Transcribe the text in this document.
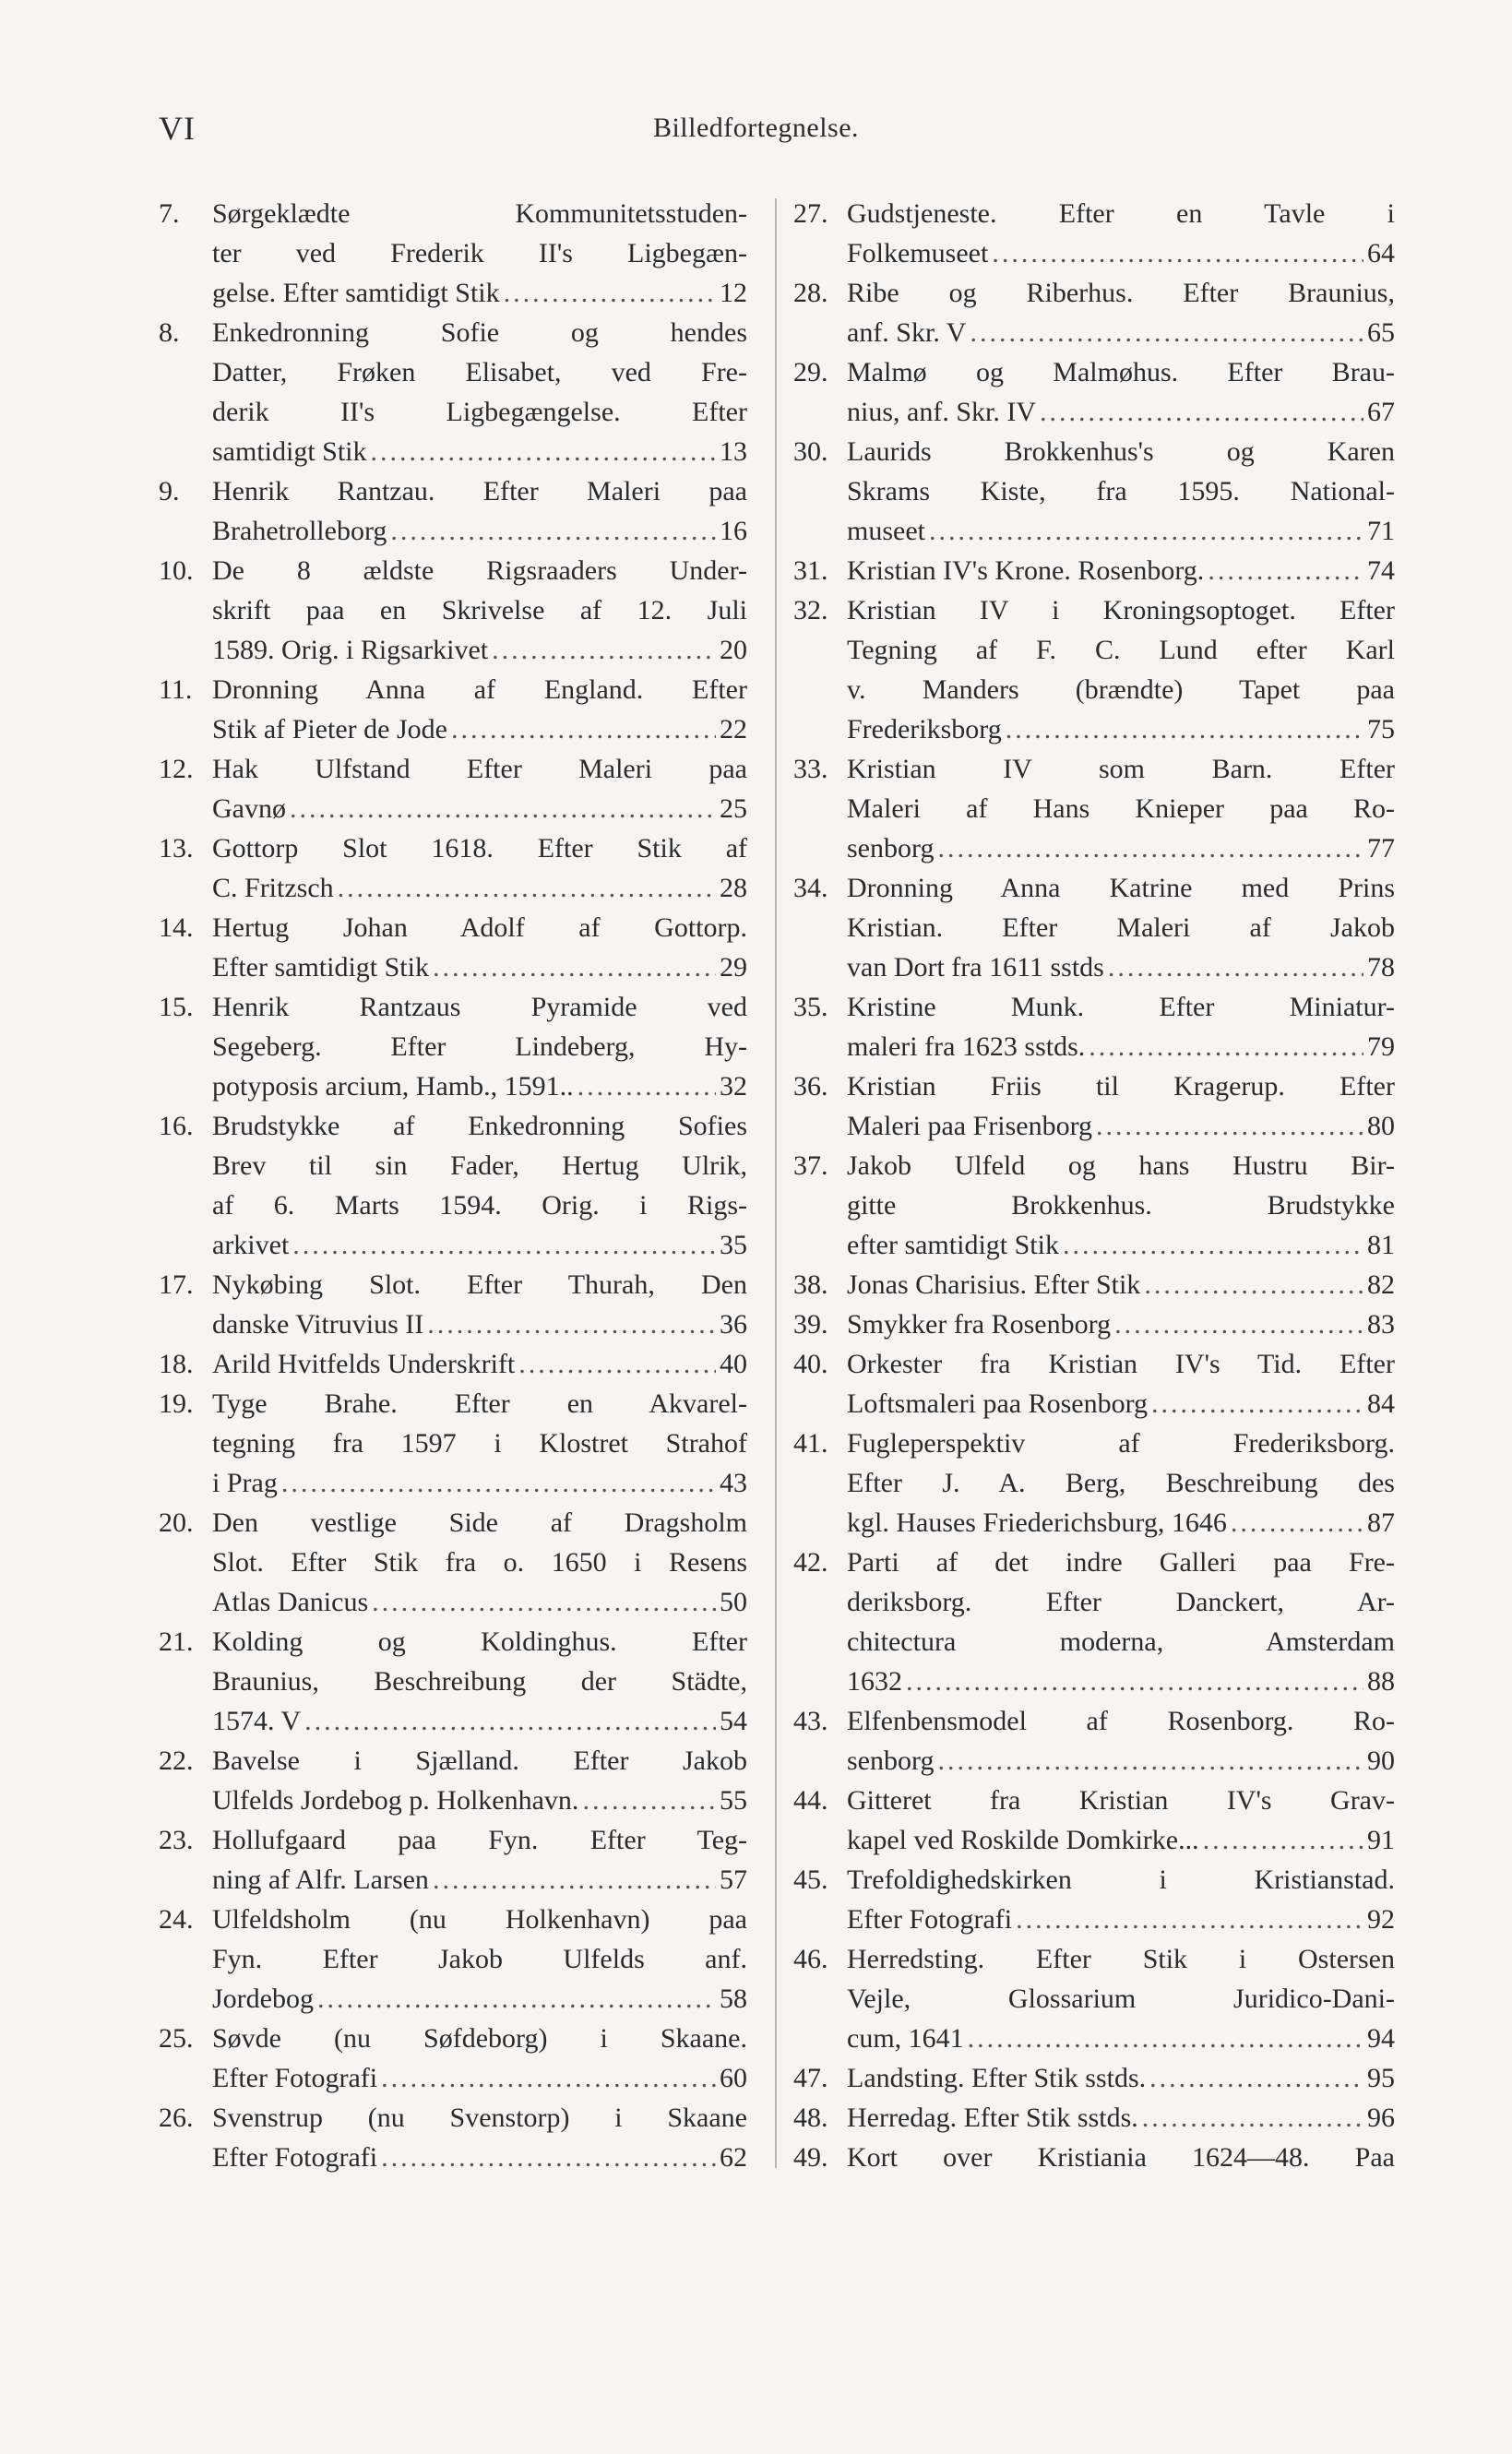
VI	Billedfortegnelse.
7. Sørgeklædte Kommunitetsstuden-
ter ved Frederik II's Ligbegæn-
gelse. Efter samtidigt Stik .....	12
8. Enkedronning Sofie og hendes
Datter, Frøken Elisabet, ved Fre-
derik II's Ligbegængelse. Efter
samtidigt Stik .....	13
9. Henrik Rantzau. Efter Maleri paa
Brahetrolleborg .....	16
10. De 8 ældste Rigsraaders Under-
skrift paa en Skrivelse af 12. Juli
1589. Orig. i Rigsarkivet .....	20
11. Dronning Anna af England. Efter
Stik af Pieter de Jode .....	22
12. Hak Ulfstand Efter Maleri paa
Gavnø .....	25
13. Gottorp Slot 1618. Efter Stik af
C. Fritzsch .....	28
14. Hertug Johan Adolf af Gottorp.
Efter samtidigt Stik .....	29
15. Henrik Rantzaus Pyramide ved
Segeberg. Efter Lindeberg, Hy-
potyposis arcium, Hamb., 1591.. .....	32
16. Brudstykke af Enkedronning Sofies
Brev til sin Fader, Hertug Ulrik,
af 6. Marts 1594. Orig. i Rigs-
arkivet .....	35
17. Nykøbing Slot. Efter Thurah, Den
danske Vitruvius II .....	36
18. Arild Hvitfelds Underskrift .....	40
19. Tyge Brahe. Efter en Akvarel-
tegning fra 1597 i Klostret Strahof
i Prag .....	43
20. Den vestlige Side af Dragsholm
Slot. Efter Stik fra o. 1650 i Resens
Atlas Danicus .....	50
21. Kolding og Koldinghus. Efter
Braunius, Beschreibung der Städte,
1574. V .....	54
22. Bavelse i Sjælland. Efter Jakob
Ulfelds Jordebog p. Holkenhavn. .....	55
23. Hollufgaard paa Fyn. Efter Teg-
ning af Alfr. Larsen .....	57
24. Ulfeldsholm (nu Holkenhavn) paa
Fyn. Efter Jakob Ulfelds anf.
Jordebog .....	58
25. Søvde (nu Søfdeborg) i Skaane.
Efter Fotografi .....	60
26. Svenstrup (nu Svenstorp) i Skaane
Efter Fotografi .....	62
27. Gudstjeneste. Efter en Tavle i
Folkemuseet .....	64
28. Ribe og Riberhus. Efter Braunius,
anf. Skr. V .....	65
29. Malmø og Malmøhus. Efter Brau-
nius, anf. Skr. IV .....	67
30. Laurids Brokkenhus's og Karen
Skrams Kiste, fra 1595. National-
museet .....	71
31. Kristian IV's Krone. Rosenborg. .....	74
32. Kristian IV i Kroningsoptoget. Efter
Tegning af F. C. Lund efter Karl
v. Manders (brændte) Tapet paa
Frederiksborg .....	75
33. Kristian IV som Barn. Efter
Maleri af Hans Knieper paa Ro-
senborg .....	77
34. Dronning Anna Katrine med Prins
Kristian. Efter Maleri af Jakob
van Dort fra 1611 sstds .....	78
35. Kristine Munk. Efter Miniatur-
maleri fra 1623 sstds. .....	79
36. Kristian Friis til Kragerup. Efter
Maleri paa Frisenborg .....	80
37. Jakob Ulfeld og hans Hustru Bir-
gitte Brokkenhus. Brudstykke
efter samtidigt Stik .....	81
38. Jonas Charisius. Efter Stik .....	82
39. Smykker fra Rosenborg .....	83
40. Orkester fra Kristian IV's Tid. Efter
Loftsmaleri paa Rosenborg .....	84
41. Fugleperspektiv af Frederiksborg.
Efter J. A. Berg, Beschreibung des
kgl. Hauses Friederichsburg, 1646 .....	87
42. Parti af det indre Galleri paa Fre-
deriksborg. Efter Danckert, Ar-
chitectura moderna, Amsterdam
1632 .....	88
43. Elfenbensmodel af Rosenborg. Ro-
senborg .....	90
44. Gitteret fra Kristian IV's Grav-
kapel ved Roskilde Domkirke... .....	91
45. Trefoldighedskirken i Kristianstad.
Efter Fotografi .....	92
46. Herredsting. Efter Stik i Ostersen
Vejle, Glossarium Juridico-Dani-
cum, 1641 .....	94
47. Landsting. Efter Stik sstds. .....	95
48. Herredag. Efter Stik sstds. .....	96
49. Kort over Kristiania 1624—48. Paa
